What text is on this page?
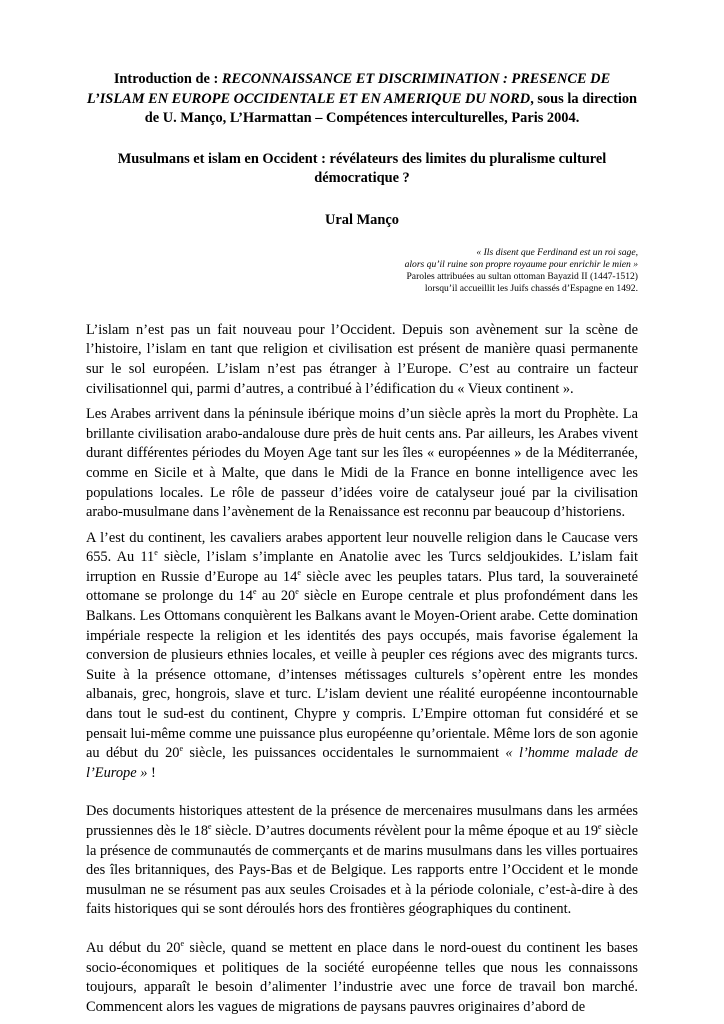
Introduction de : RECONNAISSANCE ET DISCRIMINATION : PRESENCE DE L’ISLAM EN EUROPE OCCIDENTALE ET EN AMERIQUE DU NORD, sous la direction de U. Manço, L’Harmattan – Compétences interculturelles, Paris 2004.

Musulmans et islam en Occident : révélateurs des limites du pluralisme culturel démocratique ?
Ural Manço
« Ils disent que Ferdinand est un roi sage,
alors qu’il ruine son propre royaume pour enrichir le mien »
Paroles attribuées au sultan ottoman Bayazid II (1447-1512)
lorsqu’il accueillit les Juifs chassés d’Espagne en 1492.

L’islam n’est pas un fait nouveau pour l’Occident. Depuis son avènement sur la scène de l’histoire, l’islam en tant que religion et civilisation est présent de manière quasi permanente sur le sol européen. L’islam n’est pas étranger à l’Europe. C’est au contraire un facteur civilisationnel qui, parmi d’autres, a contribué à l’édification du « Vieux continent ».

Les Arabes arrivent dans la péninsule ibérique moins d’un siècle après la mort du Prophète. La brillante civilisation arabo-andalouse dure près de huit cents ans. Par ailleurs, les Arabes vivent durant différentes périodes du Moyen Age tant sur les îles « européennes » de la Méditerranée, comme en Sicile et à Malte, que dans le Midi de la France en bonne intelligence avec les populations locales. Le rôle de passeur d’idées voire de catalyseur joué par la civilisation arabo-musulmane dans l’avènement de la Renaissance est reconnu par beaucoup d’historiens.

A l’est du continent, les cavaliers arabes apportent leur nouvelle religion dans le Caucase vers 655. Au 11e siècle, l’islam s’implante en Anatolie avec les Turcs seldjoukides. L’islam fait irruption en Russie d’Europe au 14e siècle avec les peuples tatars. Plus tard, la souveraineté ottomane se prolonge du 14e au 20e siècle en Europe centrale et plus profondément dans les Balkans. Les Ottomans conquièrent les Balkans avant le Moyen-Orient arabe. Cette domination impériale respecte la religion et les identités des pays occupés, mais favorise également la conversion de plusieurs ethnies locales, et veille à peupler ces régions avec des migrants turcs. Suite à la présence ottomane, d’intenses métissages culturels s’opèrent entre les mondes albanais, grec, hongrois, slave et turc. L’islam devient une réalité européenne incontournable dans tout le sud-est du continent, Chypre y compris. L’Empire ottoman fut considéré et se pensait lui-même comme une puissance plus européenne qu’orientale. Même lors de son agonie au début du 20e siècle, les puissances occidentales le surnommaient « l’homme malade de l’Europe » !

Des documents historiques attestent de la présence de mercenaires musulmans dans les armées prussiennes dès le 18e siècle. D’autres documents révèlent pour la même époque et au 19e siècle la présence de communautés de commerçants et de marins musulmans dans les villes portuaires des îles britanniques, des Pays-Bas et de Belgique. Les rapports entre l’Occident et le monde musulman ne se résument pas aux seules Croisades et à la période coloniale, c’est-à-dire à des faits historiques qui se sont déroulés hors des frontières géographiques du continent.

Au début du 20e siècle, quand se mettent en place dans le nord-ouest du continent les bases socio-économiques et politiques de la société européenne telles que nous les connaissons toujours, apparaît le besoin d’alimenter l’industrie avec une force de travail bon marché. Commencent alors les vagues de migrations de paysans pauvres originaires d’abord de
